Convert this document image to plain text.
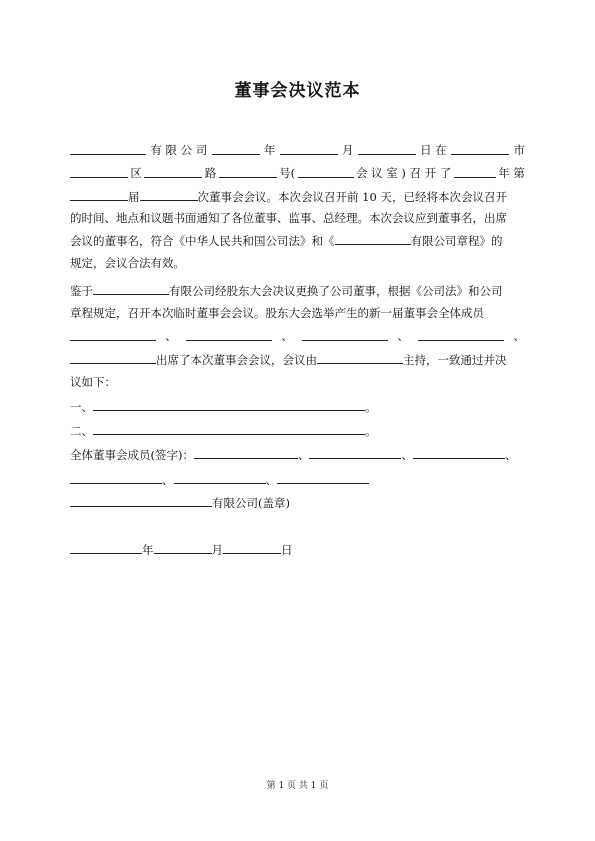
董事会决议范本
有 限 公 司	年	月	日 在	市
区	路	号(	会 议 室 ) 召 开 了	年 第
届	次董事会会议。本次会议召开前 10 天，已经将本次会议召开
的时间、地点和议题书面通知了各位董事、监事、总经理。本次会议应到董事名，出席
会议的董事名，符合《中华人民共和国公司法》和《	有限公司章程》的
规定，会议合法有效。
鉴于	有限公司经股东大会决议更换了公司董事，根据《公司法》和公司
章程规定，召开本次临时董事会会议。股东大会选举产生的新一届董事会全体成员
、	、	、	、
出席了本次董事会会议，会议由	主持，一致通过并决
议如下：
一、	。
二、	。
全体董事会成员(签字)：	、	、	、
、	、
有限公司(盖章)
年	月	日
第 1 页 共 1 页
